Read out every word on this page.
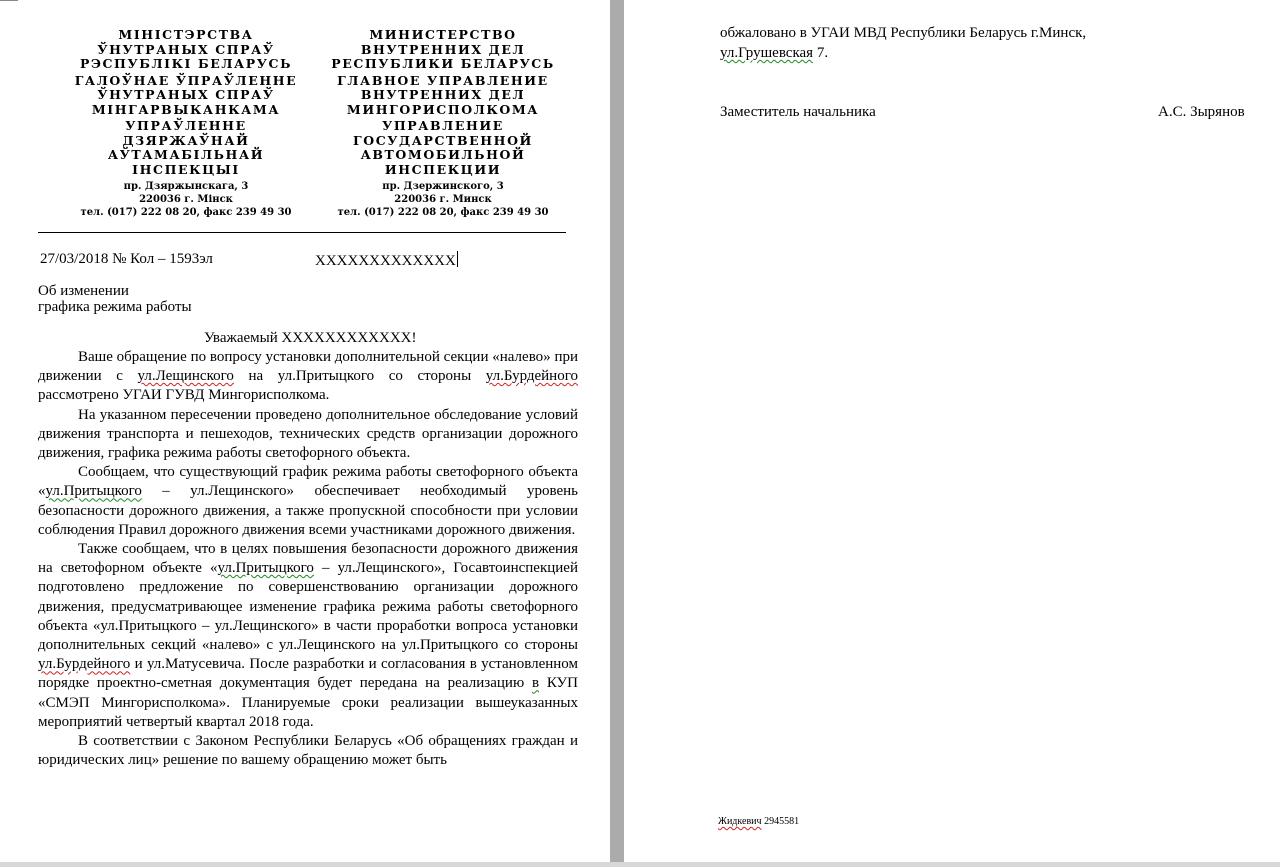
МІНІСТЭРСТВА
ЎНУТРАНЫХ СПРАЎ
РЭСПУБЛІКІ БЕЛАРУСЬ
ГАЛОЎНАЕ ЎПРАЎЛЕННЕ
ЎНУТРАНЫХ СПРАЎ
МІНГАРВЫКАНКАМА
УПРАЎЛЕННЕ
ДЗЯРЖАЎНАЙ
АЎТАМАБІЛЬНАЙ
ІНСПЕКЦЫІ
пр. Дзяржынскага, 3
220036 г. Мінск
тел. (017) 222 08 20, факс 239 49 30
МИНИСТЕРСТВО
ВНУТРЕННИХ ДЕЛ
РЕСПУБЛИКИ БЕЛАРУСЬ
ГЛАВНОЕ УПРАВЛЕНИЕ
ВНУТРЕННИХ ДЕЛ
МИНГОРИСПОЛКОМА
УПРАВЛЕНИЕ
ГОСУДАРСТВЕННОЙ
АВТОМОБИЛЬНОЙ
ИНСПЕКЦИИ
пр. Дзержинского, 3
220036 г. Минск
тел. (017) 222 08 20, факс 239 49 30
27/03/2018 № Кол – 1593эл	XXXXXXXXXXXXX
Об изменении
графика режима работы
Уважаемый XXXXXXXXXXXX!

Ваше обращение по вопросу установки дополнительной секции «налево» при движении с ул.Лещинского на ул.Притыцкого со стороны ул.Бурдейного рассмотрено УГАИ ГУВД Мингорисполкома.

На указанном пересечении проведено дополнительное обследование условий движения транспорта и пешеходов, технических средств организации дорожного движения, графика режима работы светофорного объекта.

Сообщаем, что существующий график режима работы светофорного объекта «ул.Притыцкого – ул.Лещинского» обеспечивает необходимый уровень безопасности дорожного движения, а также пропускной способности при условии соблюдения Правил дорожного движения всеми участниками дорожного движения.

Также сообщаем, что в целях повышения безопасности дорожного движения на светофорном объекте «ул.Притыцкого – ул.Лещинского», Госавтоинспекцией подготовлено предложение по совершенствованию организации дорожного движения, предусматривающее изменение графика режима работы светофорного объекта «ул.Притыцкого – ул.Лещинского» в части проработки вопроса установки дополнительных секций «налево» с ул.Лещинского на ул.Притыцкого со стороны ул.Бурдейного и ул.Матусевича. После разработки и согласования в установленном порядке проектно-сметная документация будет передана на реализацию в КУП «СМЭП Мингорисполкома». Планируемые сроки реализации вышеуказанных мероприятий четвертый квартал 2018 года.

В соответствии с Законом Республики Беларусь «Об обращениях граждан и юридических лиц» решение по вашему обращению может быть

обжаловано в УГАИ МВД Республики Беларусь г.Минск,
ул.Грушевская 7.
Заместитель начальника	А.С. Зырянов
Жидкевич 2945581
